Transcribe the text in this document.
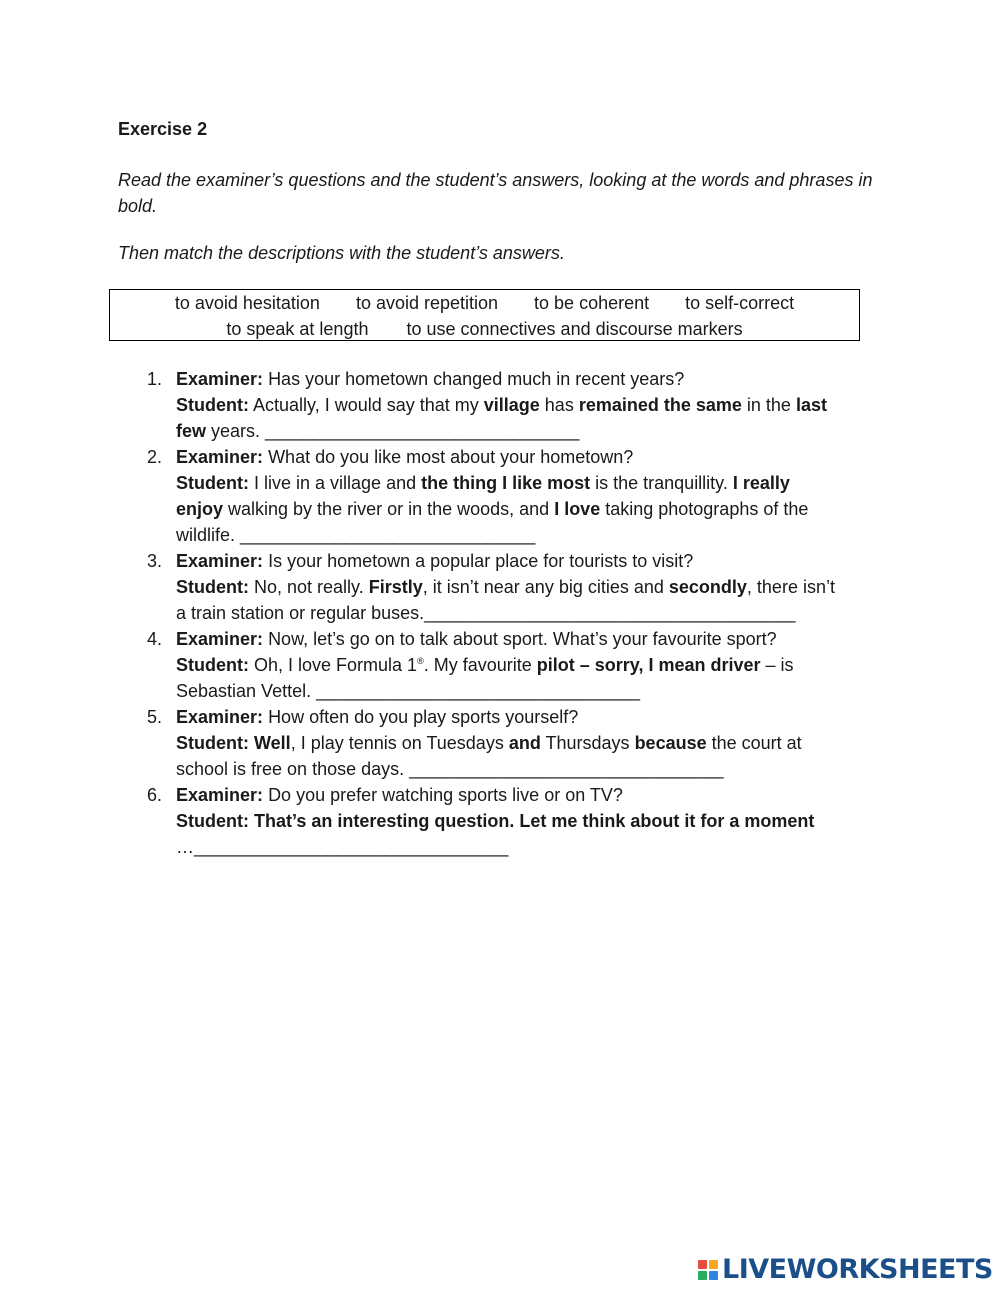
Exercise 2

Read the examiner’s questions and the student’s answers, looking at the words and phrases in bold.

Then match the descriptions with the student’s answers.

to avoid hesitation to avoid repetition to be coherent to self-correct
to speak at length to use connectives and discourse markers
1. Examiner: Has your hometown changed much in recent years?
Student: Actually, I would say that my village has remained the same in the last
few years. _________________________________
2. Examiner: What do you like most about your hometown?
Student: I live in a village and the thing I like most is the tranquillity. I really
enjoy walking by the river or in the woods, and I love taking photographs of the
wildlife. _______________________________
3. Examiner: Is your hometown a popular place for tourists to visit?
Student: No, not really. Firstly, it isn’t near any big cities and secondly, there isn’t
a train station or regular buses._______________________________________
4. Examiner: Now, let’s go on to talk about sport. What’s your favourite sport?
Student: Oh, I love Formula 1®. My favourite pilot – sorry, I mean driver – is
Sebastian Vettel. __________________________________
5. Examiner: How often do you play sports yourself?
Student: Well, I play tennis on Tuesdays and Thursdays because the court at
school is free on those days. _________________________________
6. Examiner: Do you prefer watching sports live or on TV?
Student: That’s an interesting question. Let me think about it for a moment
…_________________________________
LIVEWORKSHEETS
